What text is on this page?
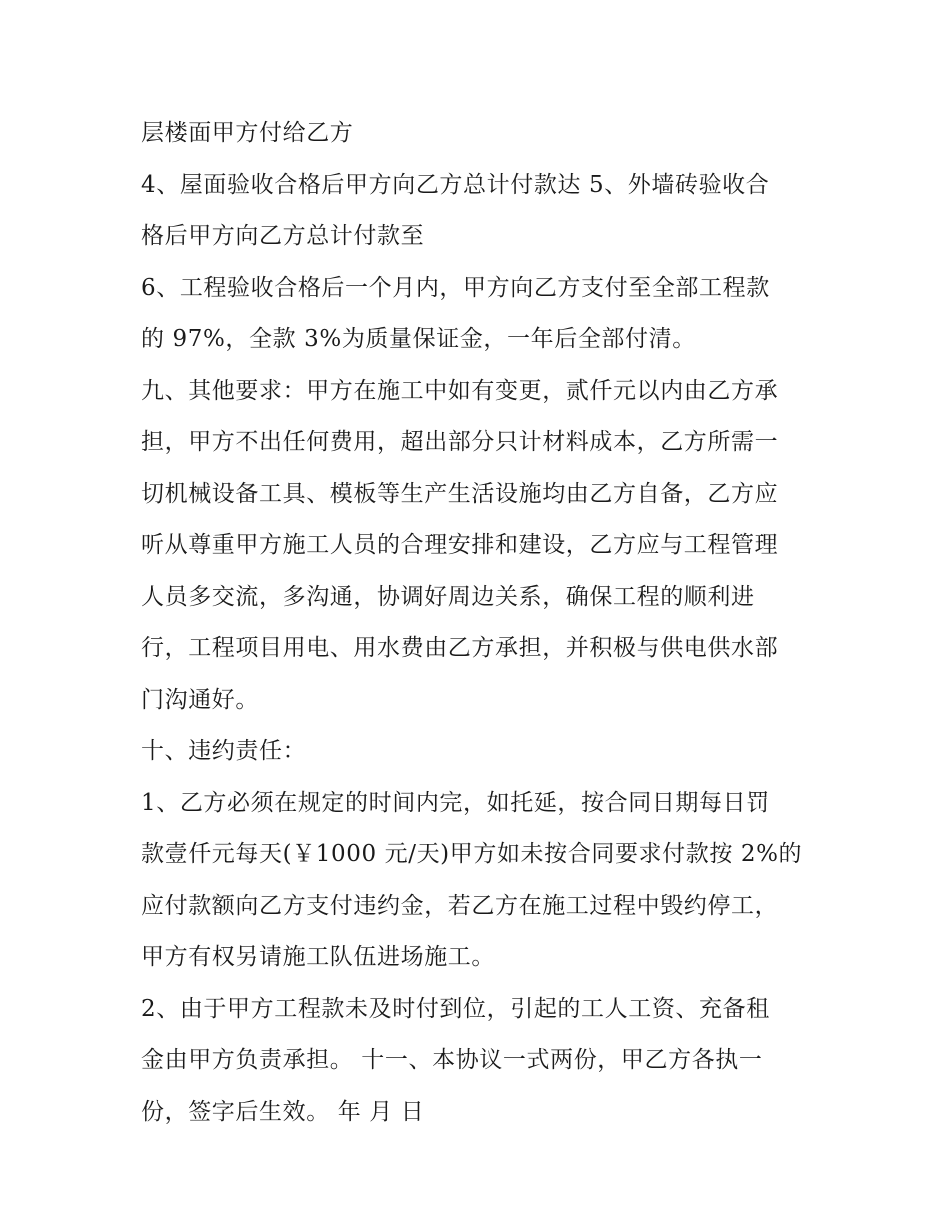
层楼面甲方付给乙方
4、屋面验收合格后甲方向乙方总计付款达 5、外墙砖验收合
格后甲方向乙方总计付款至
6、工程验收合格后一个月内，甲方向乙方支付至全部工程款
的 97%，全款 3%为质量保证金，一年后全部付清。
九、其他要求：甲方在施工中如有变更，贰仟元以内由乙方承
担，甲方不出任何费用，超出部分只计材料成本，乙方所需一
切机械设备工具、模板等生产生活设施均由乙方自备，乙方应
听从尊重甲方施工人员的合理安排和建设，乙方应与工程管理
人员多交流，多沟通，协调好周边关系，确保工程的顺利进
行，工程项目用电、用水费由乙方承担，并积极与供电供水部
门沟通好。
十、违约责任：
1、乙方必须在规定的时间内完，如托延，按合同日期每日罚
款壹仟元每天(￥1000 元/天)甲方如未按合同要求付款按 2%的
应付款额向乙方支付违约金，若乙方在施工过程中毁约停工，
甲方有权另请施工队伍进场施工。
2、由于甲方工程款未及时付到位，引起的工人工资、充备租
金由甲方负责承担。 十一、本协议一式两份，甲乙方各执一
份，签字后生效。 年 月 日
